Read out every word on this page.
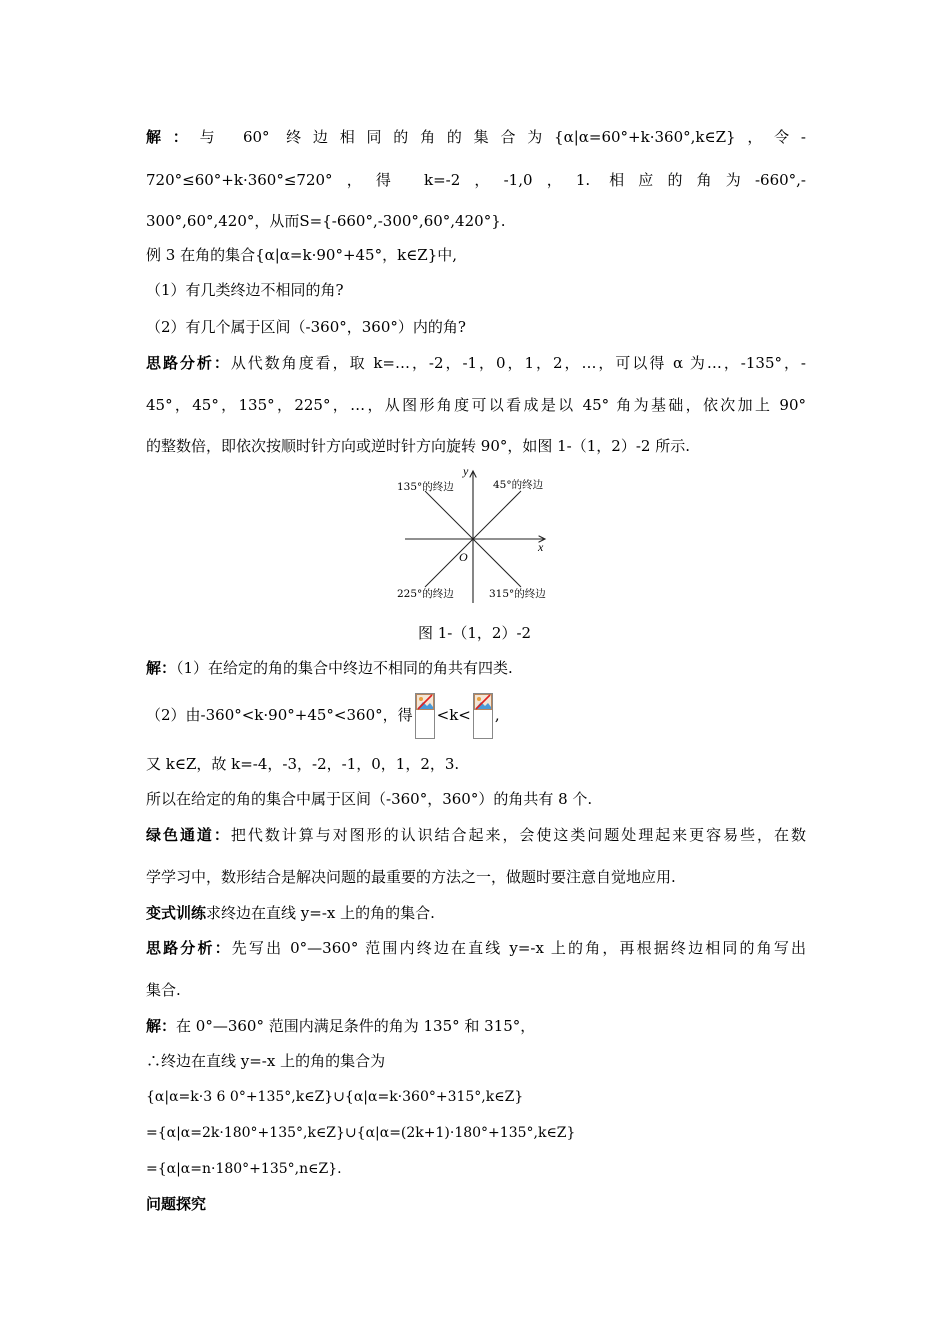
解：与 60° 终边相同的角的集合为{α|α=60°+k·360°,k∈Z}，令-
720°≤60°+k·360°≤720°，得 k=-2，-1,0，1. 相应的角为-660°,-
300°,60°,420°，从而S={-660°,-300°,60°,420°}.
例 3 在角的集合{α|α=k·90°+45°，k∈Z}中,
（1）有几类终边不相同的角?
（2）有几个属于区间（-360°，360°）内的角?
思路分析：从代数角度看，取 k=…，-2，-1，0，1，2，…，可以得 α 为…，-135°，-
45°，45°，135°，225°，…，从图形角度可以看成是以 45° 角为基础，依次加上 90°
的整数倍，即依次按顺时针方向或逆时针方向旋转 90°，如图 1-（1，2）-2 所示.
x
y
O
135°的终边	45°的终边
225°的终边	315°的终边
图 1-（1，2）-2
解：（1）在给定的角的集合中终边不相同的角共有四类.
（2）由-360°<k·90°+45°<360°，得 <k< ,
又 k∈Z，故 k=-4，-3，-2，-1，0，1，2，3.
所以在给定的角的集合中属于区间（-360°，360°）的角共有 8 个.
绿色通道：把代数计算与对图形的认识结合起来，会使这类问题处理起来更容易些，在数
学学习中，数形结合是解决问题的最重要的方法之一，做题时要注意自觉地应用.
变式训练求终边在直线 y=-x 上的角的集合.
思路分析：先写出 0°—360° 范围内终边在直线 y=-x 上的角，再根据终边相同的角写出
集合.
解：在 0°—360° 范围内满足条件的角为 135° 和 315°，
∴终边在直线 y=-x 上的角的集合为
{α|α=k·3 6 0°+135°,k∈Z}∪{α|α=k·360°+315°,k∈Z}
={α|α=2k·180°+135°,k∈Z}∪{α|α=(2k+1)·180°+135°,k∈Z}
={α|α=n·180°+135°,n∈Z}.
问题探究
